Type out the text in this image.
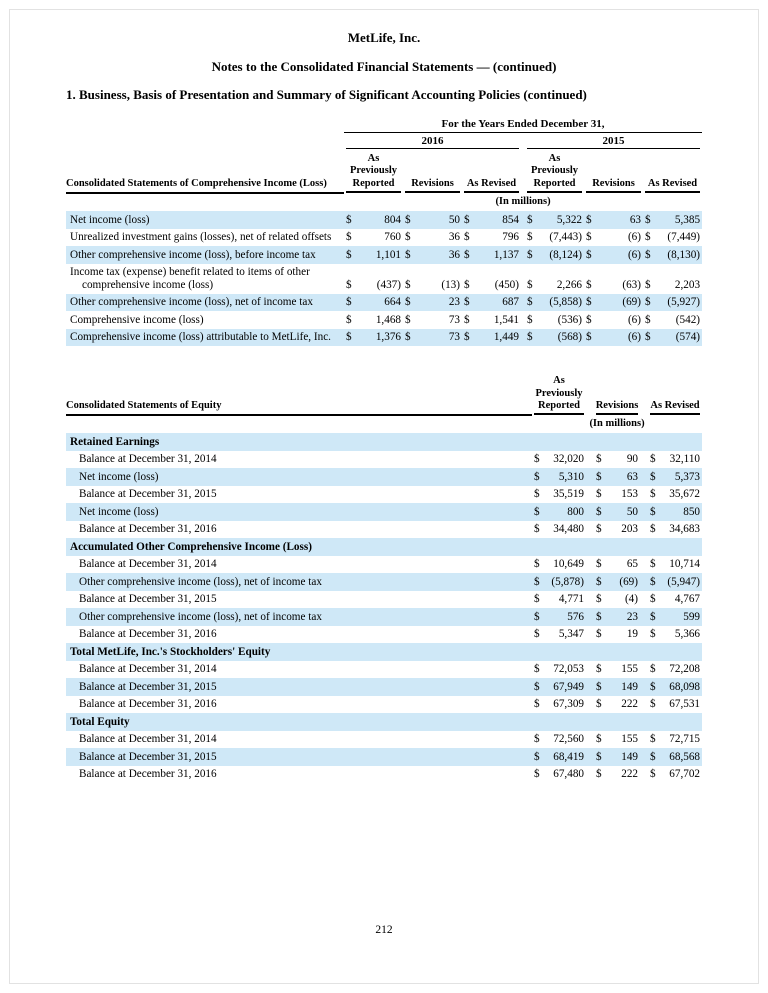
MetLife, Inc.
Notes to the Consolidated Financial Statements — (continued)
1. Business, Basis of Presentation and Summary of Significant Accounting Policies (continued)
	For the Years Ended December 31,												
	2016							2015					
Consolidated Statements of Comprehensive Income (Loss)	As Previously Reported		Revisions		As Revised			As Previously Reported		Revisions		As Revised	
	(In millions)												
Net income (loss)	$	804	$	50	$	854		$	5,322	$	63	$	5,385
Unrealized investment gains (losses), net of related offsets	$	760	$	36	$	796		$	(7,443)	$	(6)	$	(7,449)
Other comprehensive income (loss), before income tax	$	1,101	$	36	$	1,137		$	(8,124)	$	(6)	$	(8,130)
Income tax (expense) benefit related to items of other comprehensive income (loss)	$	(437)	$	(13)	$	(450)		$	2,266	$	(63)	$	2,203
Other comprehensive income (loss), net of income tax	$	664	$	23	$	687		$	(5,858)	$	(69)	$	(5,927)
Comprehensive income (loss)	$	1,468	$	73	$	1,541		$	(536)	$	(6)	$	(542)
Comprehensive income (loss) attributable to MetLife, Inc.	$	1,376	$	73	$	1,449		$	(568)	$	(6)	$	(574)
Consolidated Statements of Equity	As Previously Reported			Revisions			As Revised	
	(In millions)							
Retained Earnings								
Balance at December 31, 2014	$	32,020		$	90		$	32,110
Net income (loss)	$	5,310		$	63		$	5,373
Balance at December 31, 2015	$	35,519		$	153		$	35,672
Net income (loss)	$	800		$	50		$	850
Balance at December 31, 2016	$	34,480		$	203		$	34,683
Accumulated Other Comprehensive Income (Loss)								
Balance at December 31, 2014	$	10,649		$	65		$	10,714
Other comprehensive income (loss), net of income tax	$	(5,878)		$	(69)		$	(5,947)
Balance at December 31, 2015	$	4,771		$	(4)		$	4,767
Other comprehensive income (loss), net of income tax	$	576		$	23		$	599
Balance at December 31, 2016	$	5,347		$	19		$	5,366
Total MetLife, Inc.'s Stockholders' Equity								
Balance at December 31, 2014	$	72,053		$	155		$	72,208
Balance at December 31, 2015	$	67,949		$	149		$	68,098
Balance at December 31, 2016	$	67,309		$	222		$	67,531
Total Equity								
Balance at December 31, 2014	$	72,560		$	155		$	72,715
Balance at December 31, 2015	$	68,419		$	149		$	68,568
Balance at December 31, 2016	$	67,480		$	222		$	67,702
212
